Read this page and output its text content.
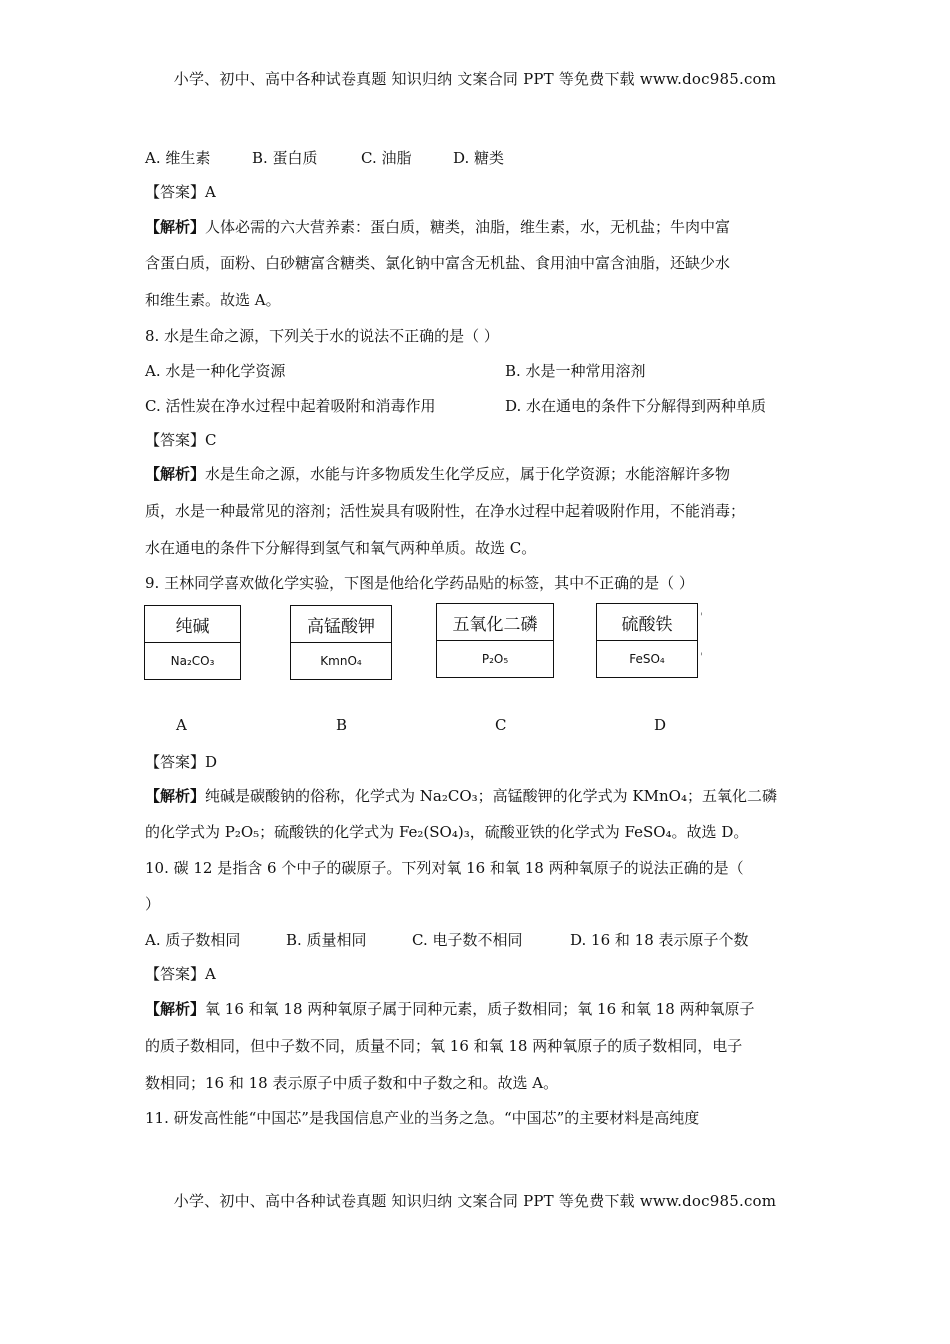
小学、初中、高中各种试卷真题 知识归纳 文案合同 PPT 等免费下载 www.doc985.com
A. 维生素	B. 蛋白质	C. 油脂	D. 糖类
【答案】A
【解析】人体必需的六大营养素：蛋白质，糖类，油脂，维生素，水，无机盐；牛肉中富
含蛋白质，面粉、白砂糖富含糖类、氯化钠中富含无机盐、食用油中富含油脂，还缺少水
和维生素。故选 A。
8. 水是生命之源，下列关于水的说法不正确的是（ ）
A. 水是一种化学资源	B. 水是一种常用溶剂
C. 活性炭在净水过程中起着吸附和消毒作用	D. 水在通电的条件下分解得到两种单质
【答案】C
【解析】水是生命之源，水能与许多物质发生化学反应，属于化学资源；水能溶解许多物
质，水是一种最常见的溶剂；活性炭具有吸附性，在净水过程中起着吸附作用，不能消毒；
水在通电的条件下分解得到氢气和氧气两种单质。故选 C。
9. 王林同学喜欢做化学实验，下图是他给化学药品贴的标签，其中不正确的是（ ）
纯碱
Na₂CO₃
高锰酸钾
KmnO₄
五氧化二磷
P₂O₅
硫酸铁
FeSO₄
'
'
A	B	C	D
【答案】D
【解析】纯碱是碳酸钠的俗称，化学式为 Na₂CO₃；高锰酸钾的化学式为 KMnO₄；五氧化二磷
的化学式为 P₂O₅；硫酸铁的化学式为 Fe₂(SO₄)₃，硫酸亚铁的化学式为 FeSO₄。故选 D。
10. 碳 12 是指含 6 个中子的碳原子。下列对氧 16 和氧 18 两种氧原子的说法正确的是（
）
A. 质子数相同	B. 质量相同	C. 电子数不相同	D. 16 和 18 表示原子个数
【答案】A
【解析】氧 16 和氧 18 两种氧原子属于同种元素，质子数相同；氧 16 和氧 18 两种氧原子
的质子数相同，但中子数不同，质量不同；氧 16 和氧 18 两种氧原子的质子数相同，电子
数相同；16 和 18 表示原子中质子数和中子数之和。故选 A。
11. 研发高性能“中国芯”是我国信息产业的当务之急。“中国芯”的主要材料是高纯度
小学、初中、高中各种试卷真题 知识归纳 文案合同 PPT 等免费下载 www.doc985.com
